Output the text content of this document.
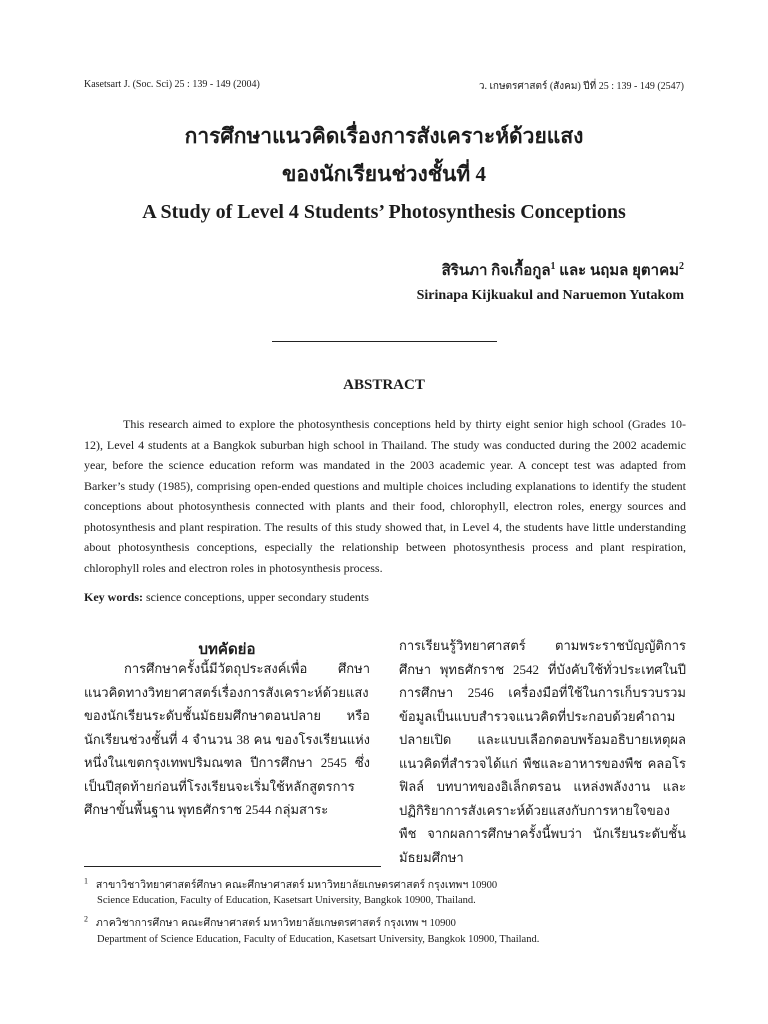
Kasetsart J. (Soc. Sci) 25 : 139 - 149 (2004)	ว. เกษตรศาสตร์ (สังคม) ปีที่ 25 : 139 - 149 (2547)
การศึกษาแนวคิดเรื่องการสังเคราะห์ด้วยแสง
ของนักเรียนช่วงชั้นที่ 4
A Study of Level 4 Students’ Photosynthesis Conceptions
สิรินภา กิจเกื้อกูล$^1$ และ นฤมล ยุตาคม$^2$
Sirinapa Kijkuakul and Naruemon Yutakom
ABSTRACT

This research aimed to explore the photosynthesis conceptions held by thirty eight senior high school (Grades 10-12), Level 4 students at a Bangkok suburban high school in Thailand. The study was conducted during the 2002 academic year, before the science education reform was mandated in the 2003 academic year. A concept test was adapted from Barker’s study (1985), comprising open-ended questions and multiple choices including explanations to identify the student conceptions about photosynthesis connected with plants and their food, chlorophyll, electron roles, energy sources and photosynthesis and plant respiration. The results of this study showed that, in Level 4, the students have little understanding about photosynthesis conceptions, especially the relationship between photosynthesis process and plant respiration, chlorophyll roles and electron roles in photosynthesis process.

Key words: science conceptions, upper secondary students
บทคัดย่อ

การศึกษาครั้งนี้มีวัตถุประสงค์เพื่อ ศึกษาแนวคิดทางวิทยาศาสตร์เรื่องการสังเคราะห์ด้วยแสง ของนักเรียนระดับชั้นมัธยมศึกษาตอนปลาย หรือนักเรียนช่วงชั้นที่ 4 จำนวน 38 คน ของโรงเรียนแห่งหนึ่งในเขตกรุงเทพปริมณฑล ปีการศึกษา 2545 ซึ่งเป็นปีสุดท้ายก่อนที่โรงเรียนจะเริ่มใช้หลักสูตรการศึกษาขั้นพื้นฐาน พุทธศักราช 2544 กลุ่มสาระ

การเรียนรู้วิทยาศาสตร์ ตามพระราชบัญญัติการศึกษา พุทธศักราช 2542 ที่บังคับใช้ทั่วประเทศในปีการศึกษา 2546 เครื่องมือที่ใช้ในการเก็บรวบรวมข้อมูลเป็นแบบสำรวจแนวคิดที่ประกอบด้วยคำถามปลายเปิด และแบบเลือกตอบพร้อมอธิบายเหตุผล แนวคิดที่สำรวจได้แก่ พืชและอาหารของพืช คลอโรฟิลล์ บทบาทของอิเล็กตรอน แหล่งพลังงาน และปฏิกิริยาการสังเคราะห์ด้วยแสงกับการหายใจของพืช จากผลการศึกษาครั้งนี้พบว่า นักเรียนระดับชั้นมัธยมศึกษา

$^1$ สาขาวิชาวิทยาศาสตร์ศึกษา คณะศึกษาศาสตร์ มหาวิทยาลัยเกษตรศาสตร์ กรุงเทพฯ 10900
Science Education, Faculty of Education, Kasetsart University, Bangkok 10900, Thailand.
$^2$ ภาควิชาการศึกษา คณะศึกษาศาสตร์ มหาวิทยาลัยเกษตรศาสตร์ กรุงเทพ ฯ 10900
Department of Science Education, Faculty of Education, Kasetsart University, Bangkok 10900, Thailand.
